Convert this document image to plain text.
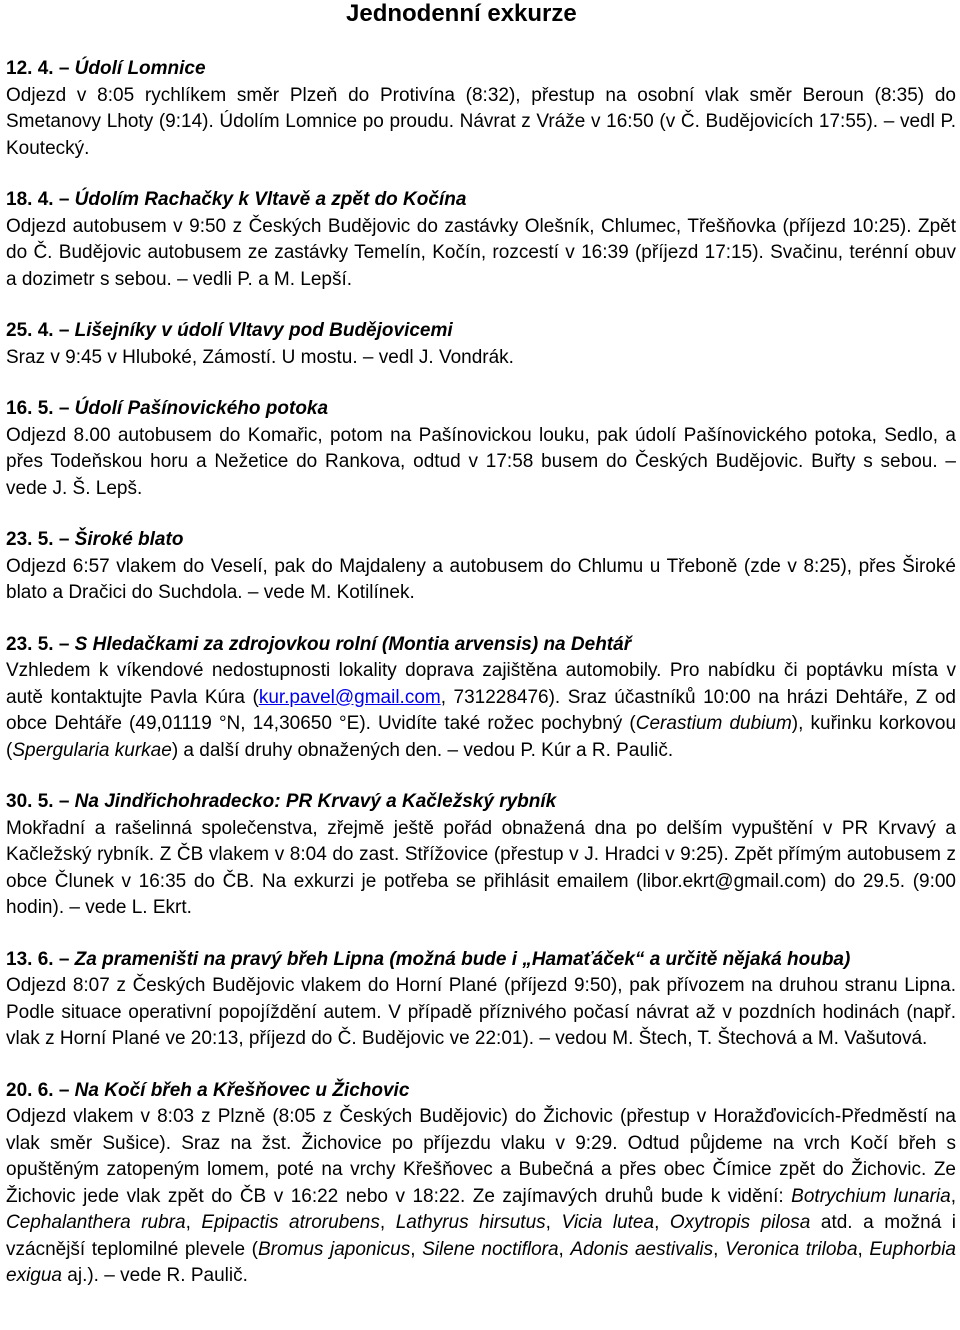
Jednodenní exkurze
12. 4. – Údolí Lomnice
Odjezd v 8:05 rychlíkem směr Plzeň do Protivína (8:32), přestup na osobní vlak směr Beroun (8:35) do Smetanovy Lhoty (9:14). Údolím Lomnice po proudu. Návrat z Vráže v 16:50 (v Č. Budějovicích 17:55). – vedl P. Koutecký.
18. 4. – Údolím Rachačky k Vltavě a zpět do Kočína
Odjezd autobusem v 9:50 z Českých Budějovic do zastávky Olešník, Chlumec, Třešňovka (příjezd 10:25). Zpět do Č. Budějovic autobusem ze zastávky Temelín, Kočín, rozcestí v 16:39 (příjezd 17:15). Svačinu, terénní obuv a dozimetr s sebou. – vedli P. a M. Lepší.
25. 4. – Lišejníky v údolí Vltavy pod Budějovicemi
Sraz v 9:45 v Hluboké, Zámostí. U mostu. – vedl J. Vondrák.
16. 5. – Údolí Pašínovického potoka
Odjezd 8.00 autobusem do Komařic, potom na Pašínovickou louku, pak údolí Pašínovického potoka, Sedlo, a přes Todeňskou horu a Nežetice do Rankova, odtud v 17:58 busem do Českých Budějovic. Buřty s sebou. – vede J. Š. Lepš.
23. 5. – Široké blato
Odjezd 6:57 vlakem do Veselí, pak do Majdaleny a autobusem do Chlumu u Třeboně (zde v 8:25), přes Široké blato a Dračici do Suchdola. – vede M. Kotilínek.
23. 5. – S Hledačkami za zdrojovkou rolní (Montia arvensis) na Dehtář
Vzhledem k víkendové nedostupnosti lokality doprava zajištěna automobily. Pro nabídku či poptávku místa v autě kontaktujte Pavla Kúra (kur.pavel@gmail.com, 731228476). Sraz účastníků 10:00 na hrázi Dehtáře, Z od obce Dehtáře (49,01119 °N, 14,30650 °E). Uvidíte také rožec pochybný (Cerastium dubium), kuřinku korkovou (Spergularia kurkae) a další druhy obnažených den. – vedou P. Kúr a R. Paulič.
30. 5. – Na Jindřichohradecko: PR Krvavý a Kačležský rybník
Mokřadní a rašelinná společenstva, zřejmě ještě pořád obnažená dna po delším vypuštění v PR Krvavý a Kačležský rybník. Z ČB vlakem v 8:04 do zast. Střížovice (přestup v J. Hradci v 9:25). Zpět přímým autobusem z obce Člunek v 16:35 do ČB. Na exkurzi je potřeba se přihlásit emailem (libor.ekrt@gmail.com) do 29.5. (9:00 hodin). – vede L. Ekrt.
13. 6. – Za prameništi na pravý břeh Lipna (možná bude i „Hamaťáček“ a určitě nějaká houba)
Odjezd 8:07 z Českých Budějovic vlakem do Horní Plané (příjezd 9:50), pak přívozem na druhou stranu Lipna. Podle situace operativní popojíždění autem. V případě příznivého počasí návrat až v pozdních hodinách (např. vlak z Horní Plané ve 20:13, příjezd do Č. Budějovic ve 22:01). – vedou M. Štech, T. Štechová a M. Vašutová.
20. 6. – Na Kočí břeh a Křešňovec u Žichovic
Odjezd vlakem v 8:03 z Plzně (8:05 z Českých Budějovic) do Žichovic (přestup v Horažďovicích-Předměstí na vlak směr Sušice). Sraz na žst. Žichovice po příjezdu vlaku v 9:29. Odtud půjdeme na vrch Kočí břeh s opuštěným zatopeným lomem, poté na vrchy Křešňovec a Bubečná a přes obec Čímice zpět do Žichovic. Ze Žichovic jede vlak zpět do ČB v 16:22 nebo v 18:22. Ze zajímavých druhů bude k vidění: Botrychium lunaria, Cephalanthera rubra, Epipactis atrorubens, Lathyrus hirsutus, Vicia lutea, Oxytropis pilosa atd. a možná i vzácnější teplomilné plevele (Bromus japonicus, Silene noctiflora, Adonis aestivalis, Veronica triloba, Euphorbia exigua aj.). – vede R. Paulič.
